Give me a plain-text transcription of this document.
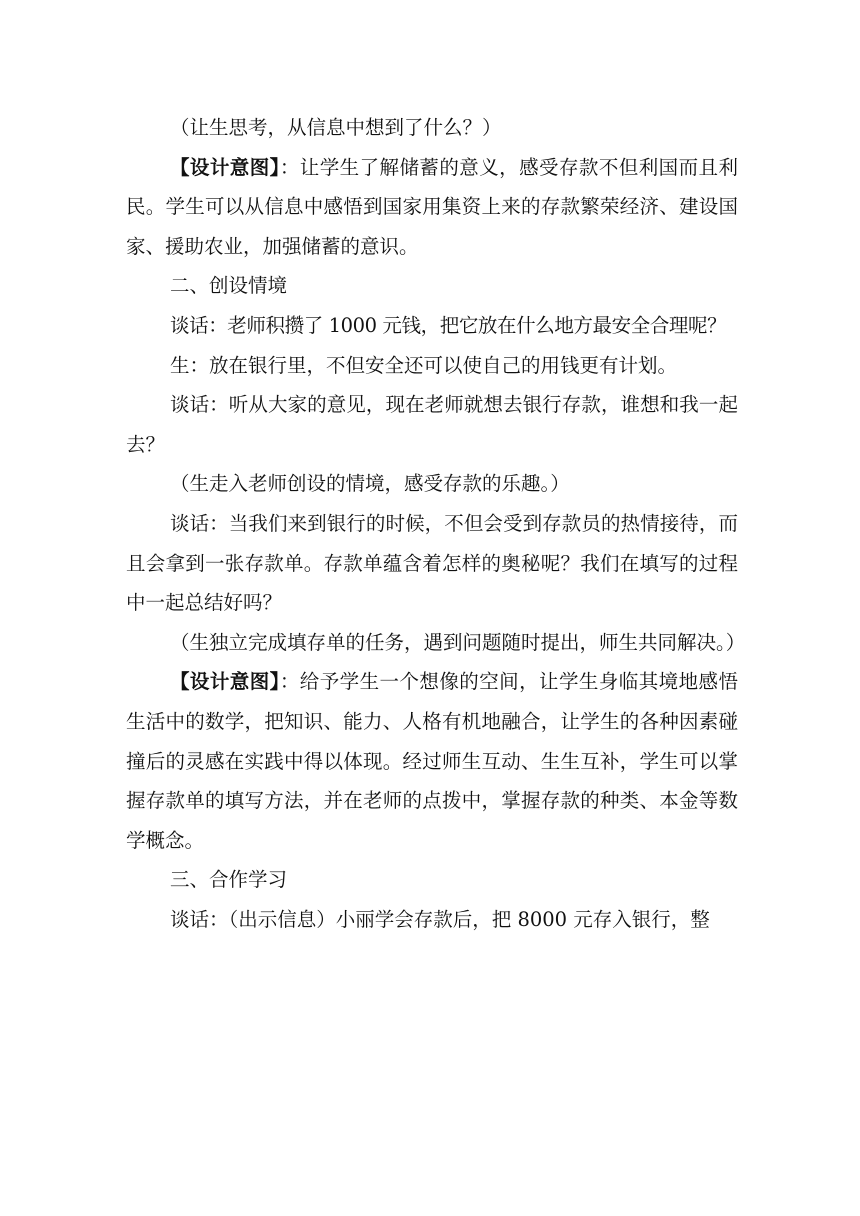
（让生思考，从信息中想到了什么？）

【设计意图】：让学生了解储蓄的意义，感受存款不但利国而且利民。学生可以从信息中感悟到国家用集资上来的存款繁荣经济、建设国家、援助农业，加强储蓄的意识。

二、创设情境

谈话：老师积攒了 1000 元钱，把它放在什么地方最安全合理呢？

生：放在银行里，不但安全还可以使自己的用钱更有计划。

谈话：听从大家的意见，现在老师就想去银行存款，谁想和我一起去？

（生走入老师创设的情境，感受存款的乐趣。）

谈话：当我们来到银行的时候，不但会受到存款员的热情接待，而且会拿到一张存款单。存款单蕴含着怎样的奥秘呢？我们在填写的过程中一起总结好吗？

（生独立完成填存单的任务，遇到问题随时提出，师生共同解决。）

【设计意图】：给予学生一个想像的空间，让学生身临其境地感悟生活中的数学，把知识、能力、人格有机地融合，让学生的各种因素碰撞后的灵感在实践中得以体现。经过师生互动、生生互补，学生可以掌握存款单的填写方法，并在老师的点拨中，掌握存款的种类、本金等数学概念。

三、合作学习

谈话：（出示信息）小丽学会存款后，把 8000 元存入银行，整
